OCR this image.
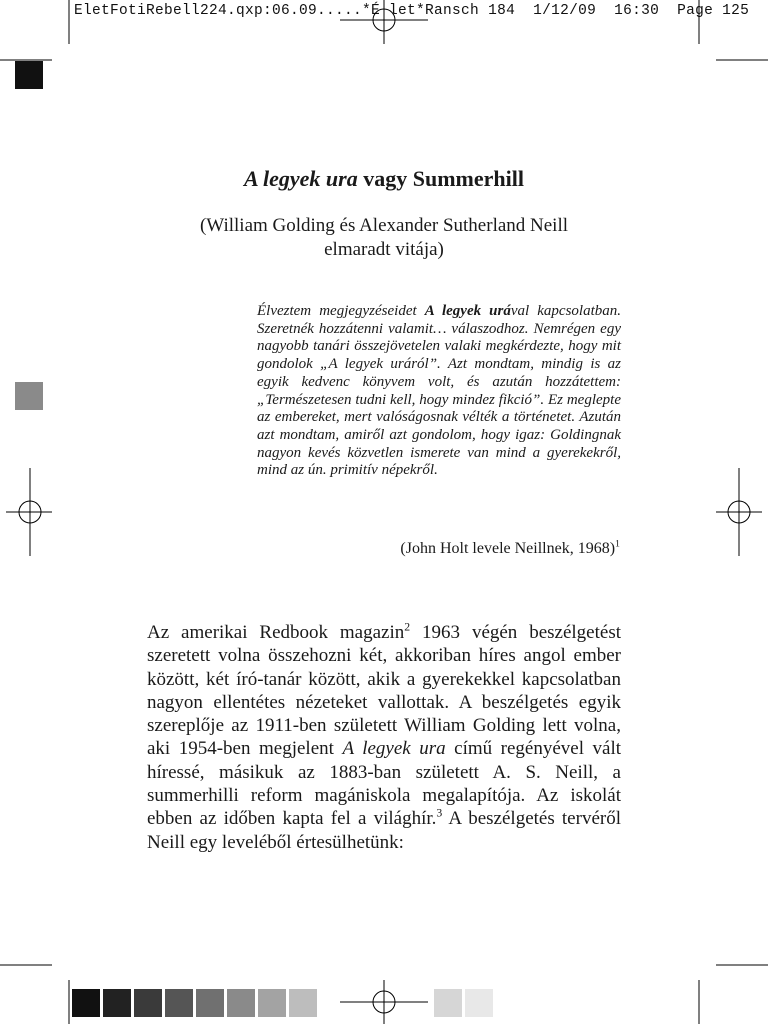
EletFotiRebell224.qxp:06.09.....*É let*Ransch 184  1/12/09  16:30  Page 125
A legyek ura vagy Summerhill
(William Golding és Alexander Sutherland Neill
elmaradt vitája)

Élveztem megjegyzéseidet A legyek urával kapcsolatban. Szeretnék hozzátenni valamit… válaszodhoz. Nemrégen egy nagyobb tanári összejövetelen valaki megkérdezte, hogy mit gondolok „A legyek uráról”. Azt mondtam, mindig is az egyik kedvenc könyvem volt, és azután hozzátettem: „Természetesen tudni kell, hogy mindez fikció”. Ez meglepte az embereket, mert valóságosnak vélték a történetet. Azután azt mondtam, amiről azt gondolom, hogy igaz: Goldingnak nagyon kevés közvetlen ismerete van mind a gyerekekről, mind az ún. primitív népekről.

(John Holt levele Neillnek, 1968)$^1$

Az amerikai Redbook magazin$^2$ 1963 végén beszélgetést szeretett volna összehozni két, akkoriban híres angol ember között, két író-tanár között, akik a gyerekekkel kapcsolatban nagyon ellentétes nézeteket vallottak. A beszélgetés egyik szereplője az 1911-ben született William Golding lett volna, aki 1954-ben megjelent A legyek ura című regényével vált híressé, másikuk az 1883-ban született A. S. Neill, a summerhilli reform magániskola megalapítója. Az iskolát ebben az időben kapta fel a világhír.$^3$ A beszélgetés tervéről Neill egy leveléből értesülhetünk:
